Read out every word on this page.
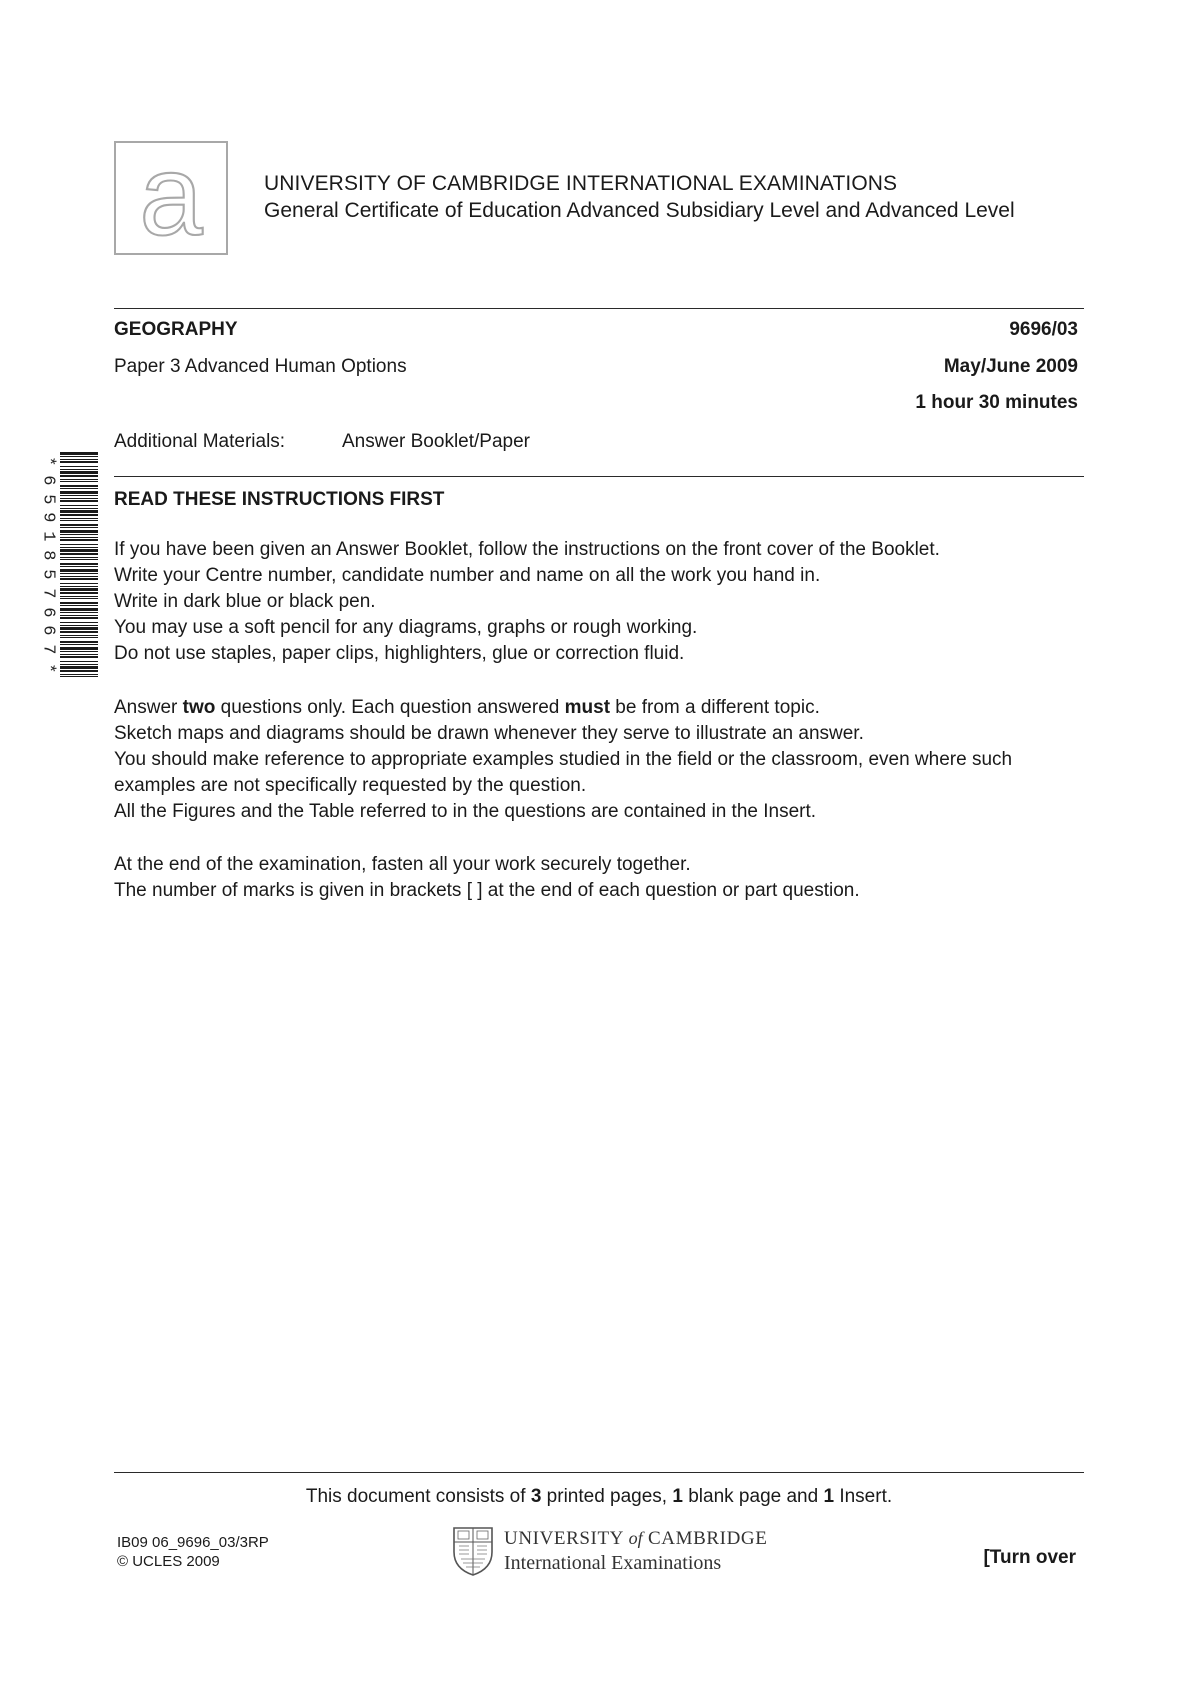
a	UNIVERSITY OF CAMBRIDGE INTERNATIONAL EXAMINATIONS
General Certificate of Education Advanced Subsidiary Level and Advanced Level
GEOGRAPHY	9696/03
Paper 3 Advanced Human Options	May/June 2009
1 hour 30 minutes
Additional Materials:	Answer Booklet/Paper
*
6
5
9
1
8
5
7
6
6
7
*
READ THESE INSTRUCTIONS FIRST

If you have been given an Answer Booklet, follow the instructions on the front cover of the Booklet.
Write your Centre number, candidate number and name on all the work you hand in.
Write in dark blue or black pen.
You may use a soft pencil for any diagrams, graphs or rough working.
Do not use staples, paper clips, highlighters, glue or correction fluid.

Answer two questions only. Each question answered must be from a different topic.
Sketch maps and diagrams should be drawn whenever they serve to illustrate an answer.
You should make reference to appropriate examples studied in the field or the classroom, even where such examples are not specifically requested by the question.
All the Figures and the Table referred to in the questions are contained in the Insert.

At the end of the examination, fasten all your work securely together.
The number of marks is given in brackets [ ] at the end of each question or part question.

This document consists of 3 printed pages, 1 blank page and 1 Insert.
IB09 06_9696_03/3RP
© UCLES 2009
UNIVERSITY of CAMBRIDGE
International Examinations	[Turn over
